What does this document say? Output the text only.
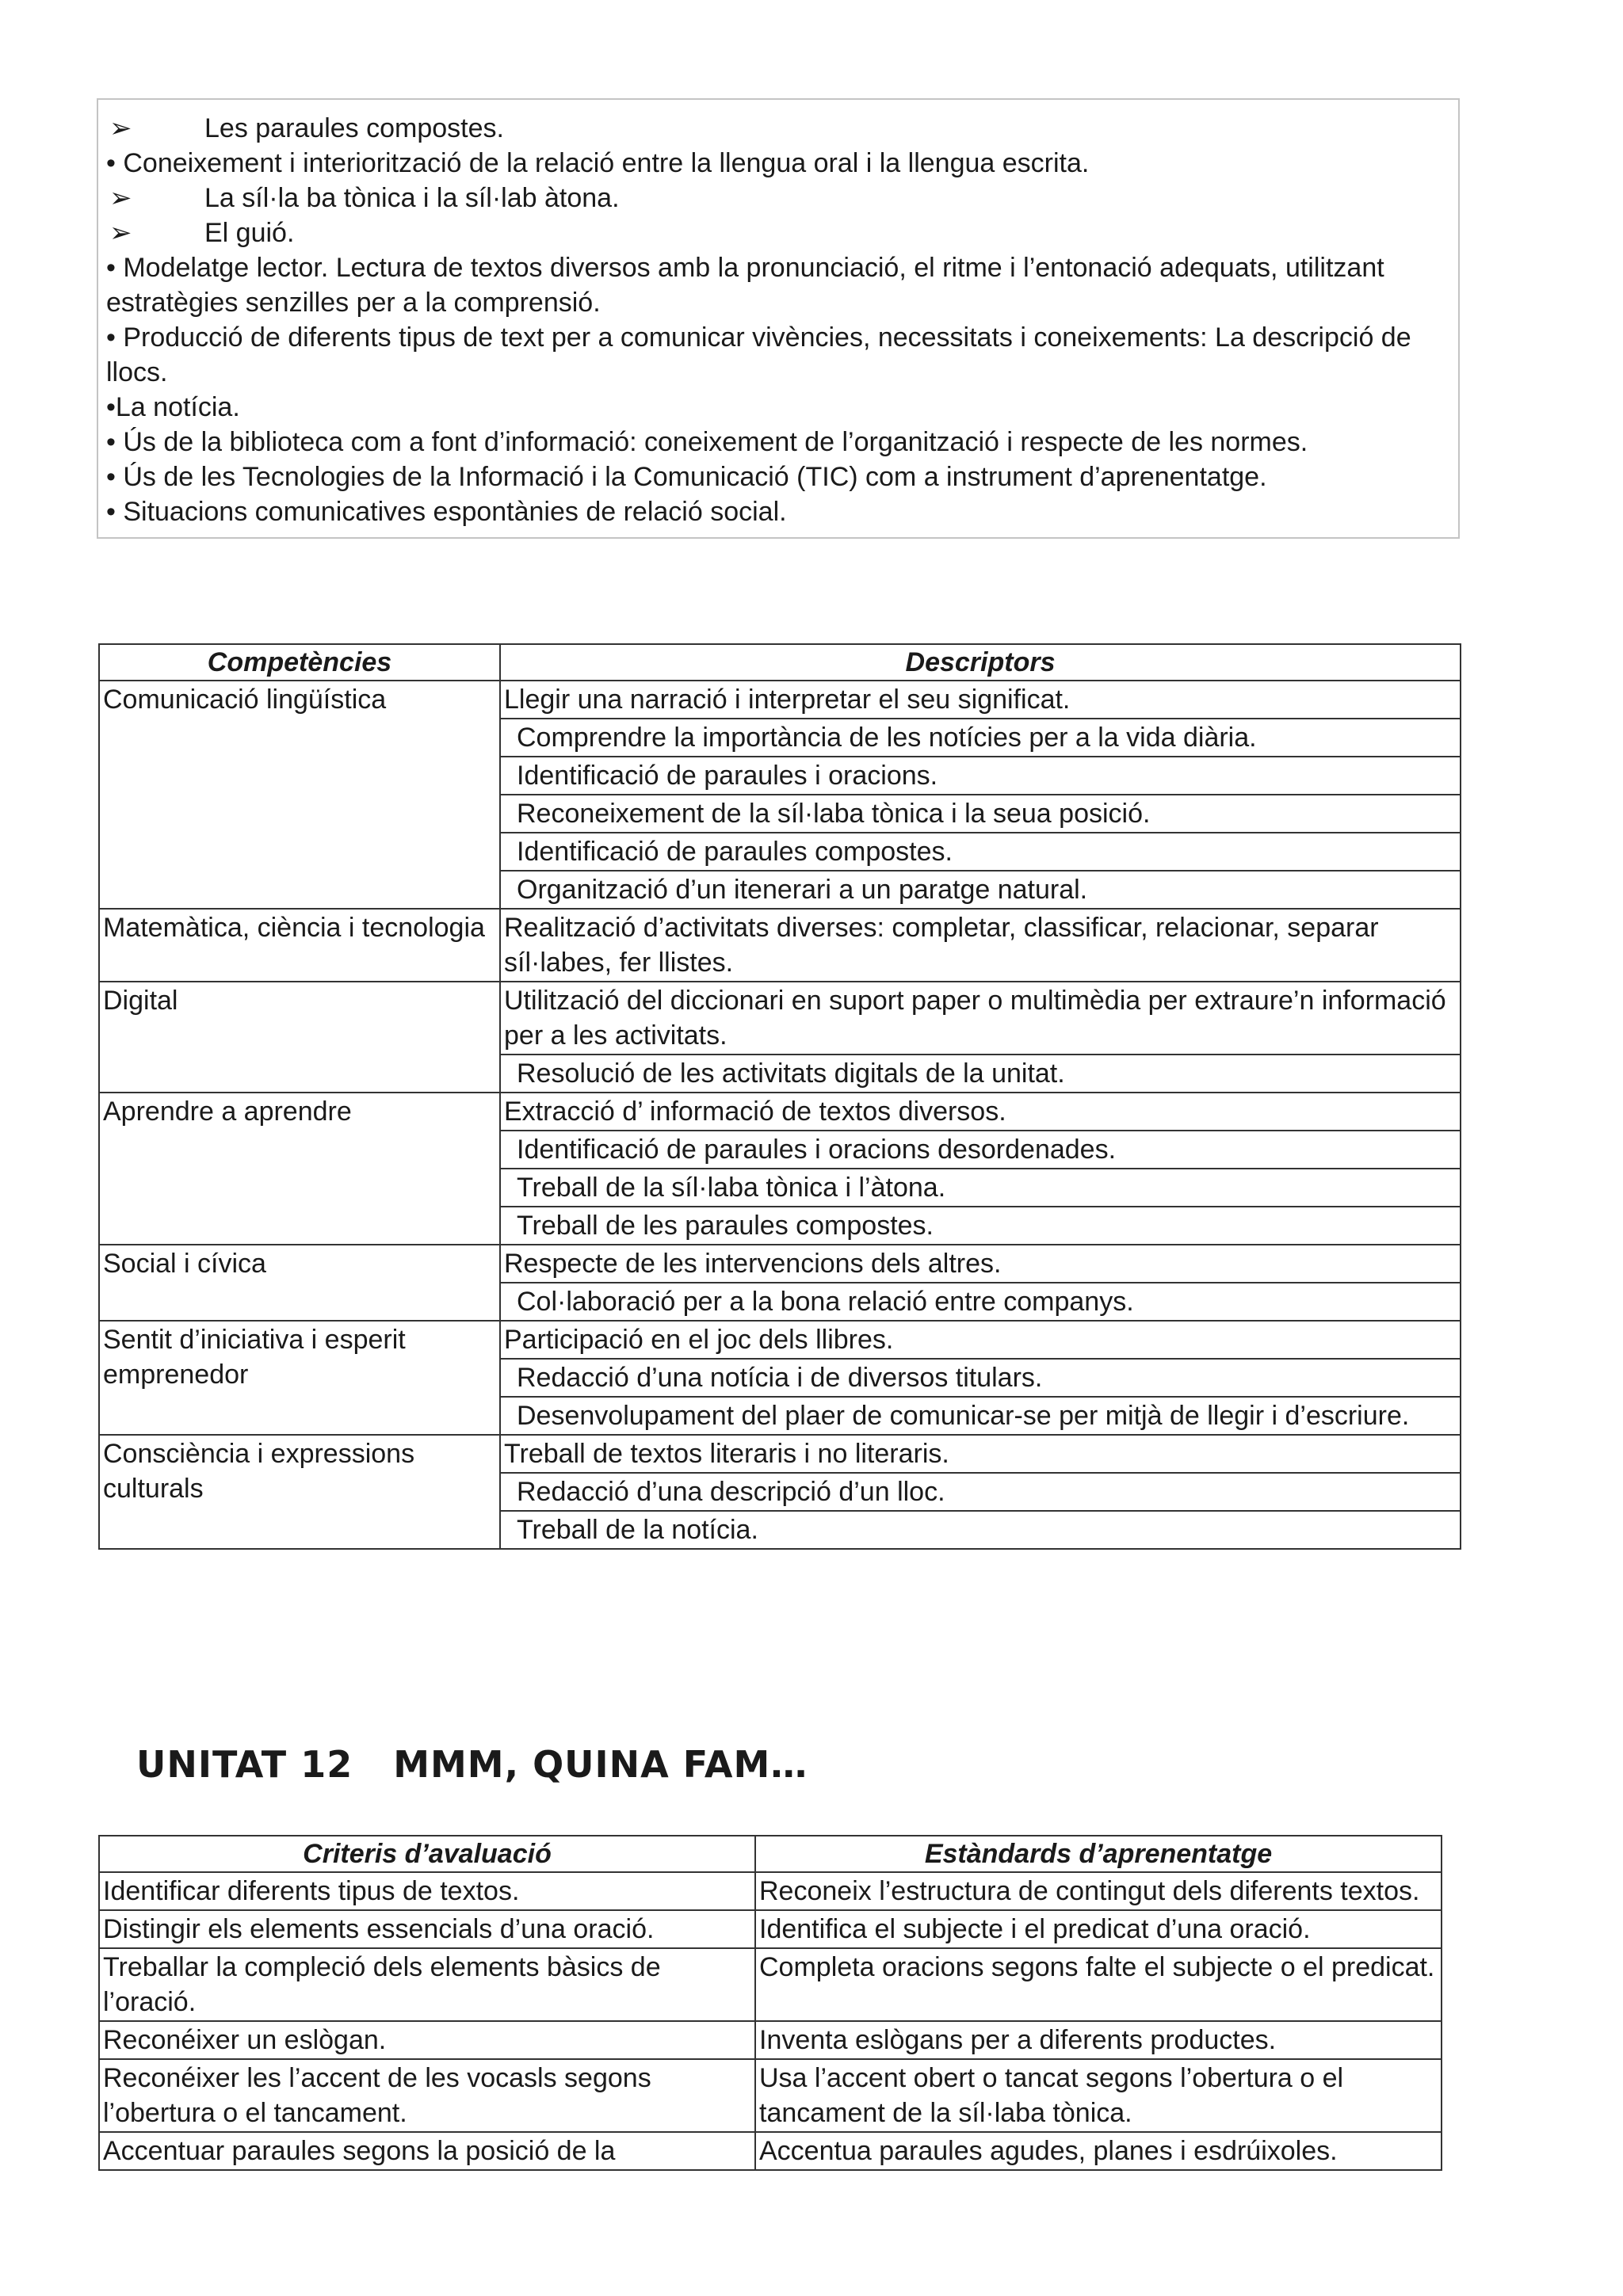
➢	Les paraules compostes.

• Coneixement i interiorització de la relació entre la llengua oral i la llengua escrita.

➢	La síl·la ba tònica i la síl·lab àtona.

➢	El guió.

• Modelatge lector. Lectura de textos diversos amb la pronunciació, el ritme i l’entonació adequats, utilitzant estratègies senzilles per a la comprensió.

• Producció de diferents tipus de text per a comunicar vivències, necessitats i coneixements: La descripció de llocs.

•La notícia.

• Ús de la biblioteca com a font d’informació: coneixement de l’organització i respecte de les normes.

• Ús de les Tecnologies de la Informació i la Comunicació (TIC) com a instrument d’aprenentatge.

• Situacions comunicatives espontànies de relació social.

Competències	Descriptors
Comunicació lingüística	Llegir una narració i interpretar el seu significat.
	Comprendre la importància de les notícies per a la vida diària.
	Identificació de paraules i oracions.
	Reconeixement de la síl·laba tònica i la seua posició.
	Identificació de paraules compostes.
	Organització d’un itenerari a un paratge natural.
Matemàtica, ciència i tecnologia	Realització d’activitats diverses: completar, classificar, relacionar, separar síl·labes, fer llistes.
Digital	Utilització del diccionari en suport paper o multimèdia per extraure’n informació per a les activitats.
	Resolució de les activitats digitals de la unitat.
Aprendre a aprendre	Extracció d’ informació de textos diversos.
	Identificació de paraules i oracions desordenades.
	Treball de la síl·laba tònica i l’àtona.
	Treball de les paraules compostes.
Social i cívica	Respecte de les intervencions dels altres.
	Col·laboració per a la bona relació entre companys.
Sentit d’iniciativa i esperit emprenedor	Participació en el joc dels llibres.
	Redacció d’una notícia i de diversos titulars.
	Desenvolupament del plaer de comunicar-se per mitjà de llegir i d’escriure.
Consciència i expressions culturals	Treball de textos literaris i no literaris.
	Redacció d’una descripció d’un lloc.
	Treball de la notícia.
UNITAT 12   MMM, QUINA FAM…
Criteris d’avaluació	Estàndards d’aprenentatge
Identificar diferents tipus de textos.	Reconeix l’estructura de contingut dels diferents textos.
Distingir els elements essencials d’una oració.	Identifica el subjecte i el predicat d’una oració.
Treballar la compleció dels elements bàsics de l’oració.	Completa oracions segons falte el subjecte o el predicat.
Reconéixer un eslògan.	Inventa eslògans per a diferents productes.
Reconéixer les l’accent de les vocasls segons l’obertura o el tancament.	Usa l’accent obert o tancat segons l’obertura o el tancament de la síl·laba tònica.
Accentuar paraules segons la posició de la	Accentua paraules agudes, planes i esdrúixoles.
